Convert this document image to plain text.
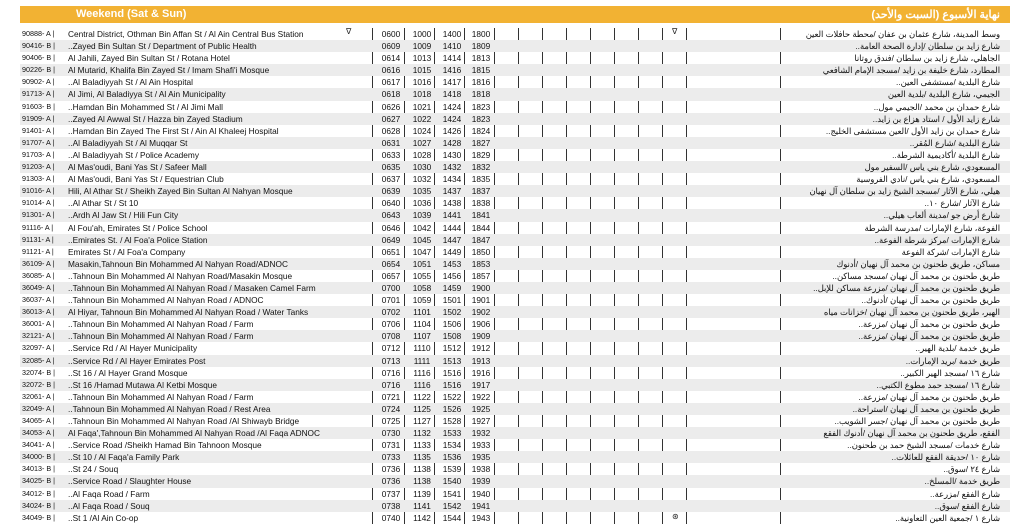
Weekend (Sat & Sun)	نهاية الأسبوع (السبت والأحد)
∇	∇
⊛
90888- A |	Central District, Othman Bin Affan St / Al Ain Central Bus Station	0600	1000	1400	1800	وسط المدينة، شارع عثمان بن عفان /محطة حافلات العين
90416- B |	..Zayed Bin Sultan St / Department of Public Health	0609	1009	1410	1809	شارع زايد بن سلطان /إدارة الصحة العامة..
90406- B |	Al Jahili, Zayed Bin Sultan St / Rotana Hotel	0614	1013	1414	1813	الجاهلي، شارع زايد بن سلطان /فندق روتانا
90226- B |	Al Mutarid, Khalifa Bin Zayed St / Imam Shafi'i Mosque	0616	1015	1416	1815	المطارد، شارع خليفة بن زايد /مسجد الإمام الشافعي
90902- A |	..Al Baladiyyah St / Al Ain Hospital	0617	1016	1417	1816	شارع البلدية /مستشفى العين..
91713- A |	Al Jimi, Al Baladiyya St / Al Ain Municipality	0618	1018	1418	1818	الجيمي، شارع البلدية /بلدية العين
91603- B |	..Hamdan Bin Mohammed St / Al Jimi Mall	0626	1021	1424	1823	شارع حمدان بن محمد /الجيمي مول..
91909- A |	..Zayed Al Awwal St / Hazza bin Zayed Stadium	0627	1022	1424	1823	شارع زايد الأول / استاد هزاع بن زايد..
91401- A |	..Hamdan Bin Zayed The First St / Ain Al Khaleej Hospital	0628	1024	1426	1824	شارع حمدان بن زايد الأول /العين مستشفى الخليج..
91707- A |	..Al Baladiyyah St / Al Muqqar St	0631	1027	1428	1827	شارع البلدية /شارع المُقر..
91703- A |	..Al Baladiyyah St / Police Academy	0633	1028	1430	1829	شارع البلدية /أكاديمية الشرطة..
91203- A |	Al Mas'oudi, Bani Yas St / Safeer Mall	0635	1030	1432	1832	المسعودي، شارع بني ياس /السفير مول
91303- A |	Al Mas'oudi, Bani Yas St / Equestrian Club	0637	1032	1434	1835	المسعودي، شارع بني ياس /نادي الفروسية
91016- A |	Hili, Al Athar St / Sheikh Zayed Bin Sultan Al Nahyan Mosque	0639	1035	1437	1837	هيلي، شارع الآثار /مسجد الشيخ زايد بن سلطان آل نهيان
91014- A |	..Al Athar St / St 10	0640	1036	1438	1838	شارع الآثار /شارع ١٠..
91301- A |	..Ardh Al Jaw St / Hili Fun City	0643	1039	1441	1841	شارع أرض جو /مدينة ألعاب هيلي..
91116- A |	Al Fou'ah, Emirates St / Police School	0646	1042	1444	1844	الفوعة، شارع الإمارات /مدرسة الشرطة
91131- A |	..Emirates St. / Al Foa'a Police Station	0649	1045	1447	1847	شارع الإمارات /مركز شرطة الفوعة..
91121- A |	Emirates St / Al Foa'a Company	0651	1047	1449	1850	شارع الإمارات /شركة الفوعة
36109- A |	Masakin,Tahnoun Bin Mohammed Al Nahyan Road/ADNOC	0654	1051	1453	1853	مساكن، طريق طحنون بن محمد آل نهيان /أدنوك
36085- A |	..Tahnoun Bin Mohammed Al Nahyan Road/Masakin Mosque	0657	1055	1456	1857	طريق طحنون بن محمد آل نهيان /مسجد مساكن..
36049- A |	..Tahnoun Bin Mohammed Al Nahyan Road / Masaken Camel Farm	0700	1058	1459	1900	طريق طحنون بن محمد آل نهيان /مزرعة مساكن للإبل..
36037- A |	..Tahnoun Bin Mohammed Al Nahyan Road / ADNOC	0701	1059	1501	1901	طريق طحنون بن محمد آل نهيان /أدنوك..
36013- A |	Al Hiyar, Tahnoun Bin Mohammed Al Nahyan Road / Water Tanks	0702	1101	1502	1902	الهير، طريق طحنون بن محمد آل نهيان /خزانات مياه
36001- A |	..Tahnoun Bin Mohammed Al Nahyan Road / Farm	0706	1104	1506	1906	طريق طحنون بن محمد آل نهيان /مزرعة..
32121- A |	..Tahnoun Bin Mohammed Al Nahyan Road / Farm	0708	1107	1508	1909	طريق طحنون بن محمد آل نهيان /مزرعة..
32097- A |	..Service Rd / Al Hayer Municipality	0712	1110	1512	1912	طريق خدمة /بلدية الهير..
32085- A |	..Service Rd / Al Hayer Emirates Post	0713	1111	1513	1913	طريق خدمة /بريد الإمارات..
32074- B |	..St 16 / Al Hayer Grand Mosque	0716	1116	1516	1916	شارع ١٦ /مسجد الهير الكبير..
32072- B |	..St 16 /Hamad Mutawa Al Ketbi Mosque	0716	1116	1516	1917	شارع ١٦ /مسجد حمد مطوع الكتبي..
32061- A |	..Tahnoun Bin Mohammed Al Nahyan Road / Farm	0721	1122	1522	1922	طريق طحنون بن محمد آل نهيان /مزرعة..
32049- A |	..Tahnoun Bin Mohammed Al Nahyan Road / Rest Area	0724	1125	1526	1925	طريق طحنون بن محمد آل نهيان /استراحة..
34065- A |	..Tahnoun Bin Mohammed Al Nahyan Road /Al Shiwayb Bridge	0725	1127	1528	1927	طريق طحنون بن محمد آل نهيان /جسر الشويب..
34053- A |	Al Faqa',Tahnoun Bin Mohammed Al Nahyan Road /Al Faqa ADNOC	0730	1132	1533	1932	الفقع، طريق طحنون بن محمد آل نهيان /أدنوك الفقع
34041- A |	..Service Road /Sheikh Hamad Bin Tahnoon Mosque	0731	1133	1534	1933	شارع خدمات /مسجد الشيخ حمد بن طحنون..
34000- B |	..St 10 / Al Faqa'a Family Park	0733	1135	1536	1935	شارع ١٠ /حديقة الفقع للعائلات..
34013- B |	..St 24 / Souq	0736	1138	1539	1938	شارع ٢٤ /سوق..
34025- B |	..Service Road / Slaughter House	0736	1138	1540	1939	طريق خدمة /المسلخ..
34012- B |	..Al Faqa Road / Farm	0737	1139	1541	1940	شارع الفقع /مزرعة..
34024- B |	..Al Faqa Road / Souq	0738	1141	1542	1941	شارع الفقع /سوق..
34049- B |	..St 1 /Al Ain Co-op	0740	1142	1544	1943	شارع ١ /جمعية العين التعاونية..
